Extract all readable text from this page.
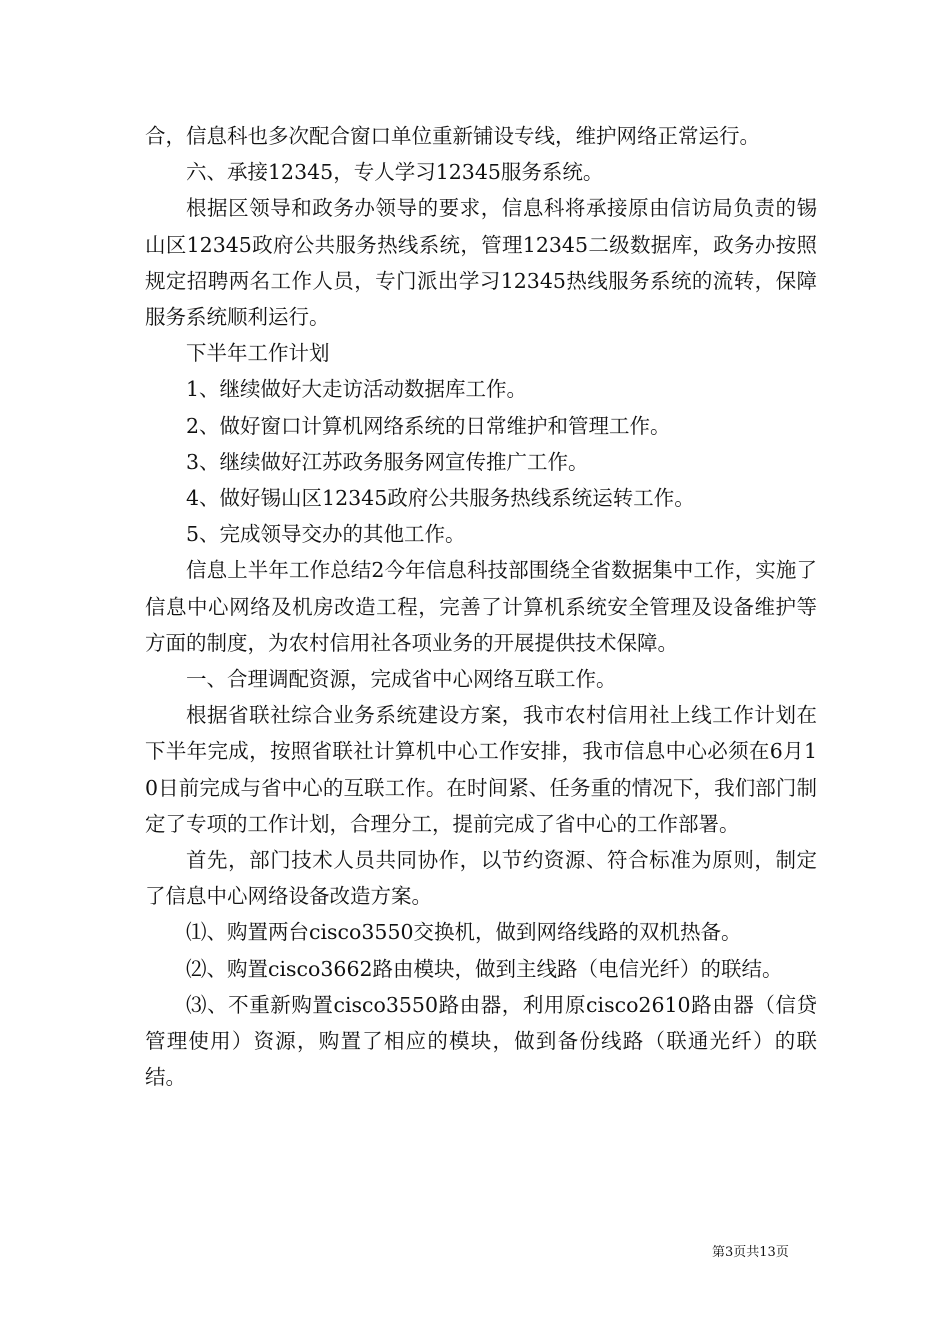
合，信息科也多次配合窗口单位重新铺设专线，维护网络正常运行。

六、承接12345，专人学习12345服务系统。

根据区领导和政务办领导的要求，信息科将承接原由信访局负责的锡山区12345政府公共服务热线系统，管理12345二级数据库，政务办按照规定招聘两名工作人员，专门派出学习12345热线服务系统的流转，保障服务系统顺利运行。

下半年工作计划

1、继续做好大走访活动数据库工作。

2、做好窗口计算机网络系统的日常维护和管理工作。

3、继续做好江苏政务服务网宣传推广工作。

4、做好锡山区12345政府公共服务热线系统运转工作。

5、完成领导交办的其他工作。

信息上半年工作总结2今年信息科技部围绕全省数据集中工作，实施了信息中心网络及机房改造工程，完善了计算机系统安全管理及设备维护等方面的制度，为农村信用社各项业务的开展提供技术保障。

一、合理调配资源，完成省中心网络互联工作。

根据省联社综合业务系统建设方案，我市农村信用社上线工作计划在下半年完成，按照省联社计算机中心工作安排，我市信息中心必须在6月10日前完成与省中心的互联工作。在时间紧、任务重的情况下，我们部门制定了专项的工作计划，合理分工，提前完成了省中心的工作部署。

首先，部门技术人员共同协作，以节约资源、符合标准为原则，制定了信息中心网络设备改造方案。

⑴、购置两台cisco3550交换机，做到网络线路的双机热备。

⑵、购置cisco3662路由模块，做到主线路（电信光纤）的联结。

⑶、不重新购置cisco3550路由器，利用原cisco2610路由器（信贷管理使用）资源，购置了相应的模块，做到备份线路（联通光纤）的联结。

第3页共13页
